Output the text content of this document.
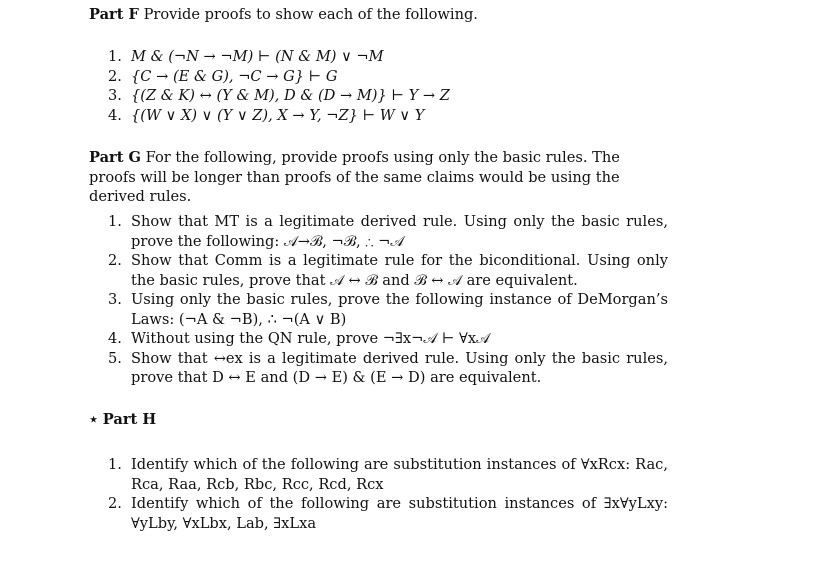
Part F Provide proofs to show each of the following.
1. M & (¬N → ¬M) ⊢ (N & M) ∨ ¬M
2. {C → (E & G), ¬C → G} ⊢ G
3. {(Z & K) ↔ (Y & M), D & (D → M)} ⊢ Y → Z
4. {(W ∨ X) ∨ (Y ∨ Z), X → Y, ¬Z} ⊢ W ∨ Y
Part G For the following, provide proofs using only the basic rules. The proofs will be longer than proofs of the same claims would be using the derived rules.
1. Show that MT is a legitimate derived rule. Using only the basic rules, prove the following: 𝒜→ℬ, ¬ℬ, ∴ ¬𝒜
2. Show that Comm is a legitimate rule for the biconditional. Using only the basic rules, prove that 𝒜 ↔ ℬ and ℬ ↔ 𝒜 are equivalent.
3. Using only the basic rules, prove the following instance of DeMorgan’s Laws: (¬A & ¬B), ∴ ¬(A ∨ B)
4. Without using the QN rule, prove ¬∃x¬𝒜 ⊢ ∀x𝒜
5. Show that ↔ex is a legitimate derived rule. Using only the basic rules, prove that D ↔ E and (D → E) & (E → D) are equivalent.
⋆ Part H
1. Identify which of the following are substitution instances of ∀xRcx: Rac, Rca, Raa, Rcb, Rbc, Rcc, Rcd, Rcx
2. Identify which of the following are substitution instances of ∃x∀yLxy: ∀yLby, ∀xLbx, Lab, ∃xLxa
